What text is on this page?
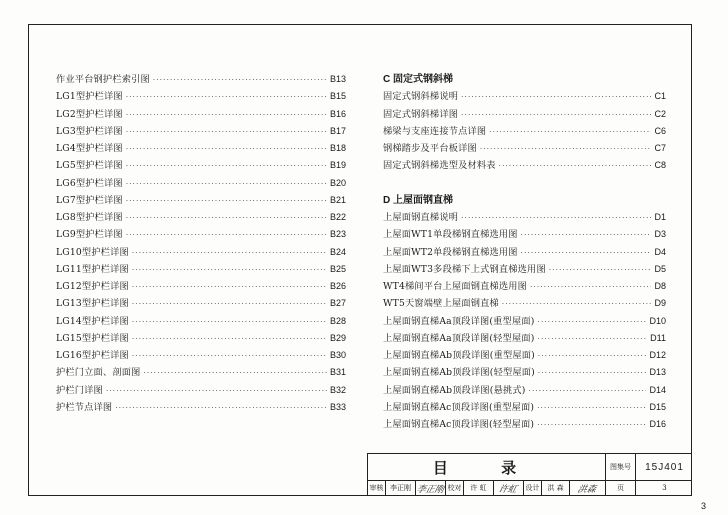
作业平台钢护栏索引图 ·····	B13
LG1型护栏详图 ·····	B15
LG2型护栏详图 ·····	B16
LG3型护栏详图 ·····	B17
LG4型护栏详图 ·····	B18
LG5型护栏详图 ·····	B19
LG6型护栏详图 ·····	B20
LG7型护栏详图 ·····	B21
LG8型护栏详图 ·····	B22
LG9型护栏详图 ·····	B23
LG10型护栏详图 ·····	B24
LG11型护栏详图 ·····	B25
LG12型护栏详图 ·····	B26
LG13型护栏详图 ·····	B27
LG14型护栏详图 ·····	B28
LG15型护栏详图 ·····	B29
LG16型护栏详图 ·····	B30
护栏门立面、剖面图 ·····	B31
护栏门详图 ·····	B32
护栏节点详图 ·····	B33
C 固定式钢斜梯
固定式钢斜梯说明 ·····	C1
固定式钢斜梯详图 ·····	C2
梯梁与支座连接节点详图 ·····	C6
钢梯踏步及平台板详图 ·····	C7
固定式钢斜梯选型及材料表 ·····	C8
D 上屋面钢直梯
上屋面钢直梯说明 ·····	D1
上屋面WT1单段梯钢直梯选用图 ·····	D3
上屋面WT2单段梯钢直梯选用图 ·····	D4
上屋面WT3多段梯下上式钢直梯选用图 ·····	D5
WT4梯间平台上屋面钢直梯选用图 ·····	D8
WT5天窗端壁上屋面钢直梯 ·····	D9
上屋面钢直梯Aa顶段详图(重型屋面) ·····	D10
上屋面钢直梯Aa顶段详图(轻型屋面) ·····	D11
上屋面钢直梯Ab顶段详图(重型屋面) ·····	D12
上屋面钢直梯Ab顶段详图(轻型屋面) ·····	D13
上屋面钢直梯Ab顶段详图(悬挑式) ·····	D14
上屋面钢直梯Ac顶段详图(重型屋面) ·····	D15
上屋面钢直梯Ac顶段详图(轻型屋面) ·····	D16
目 录	图集号	15J401
审核 李正刚 李正刚 校对	许 虹	许虹 设计	洪 森	洪森	页	3
3
